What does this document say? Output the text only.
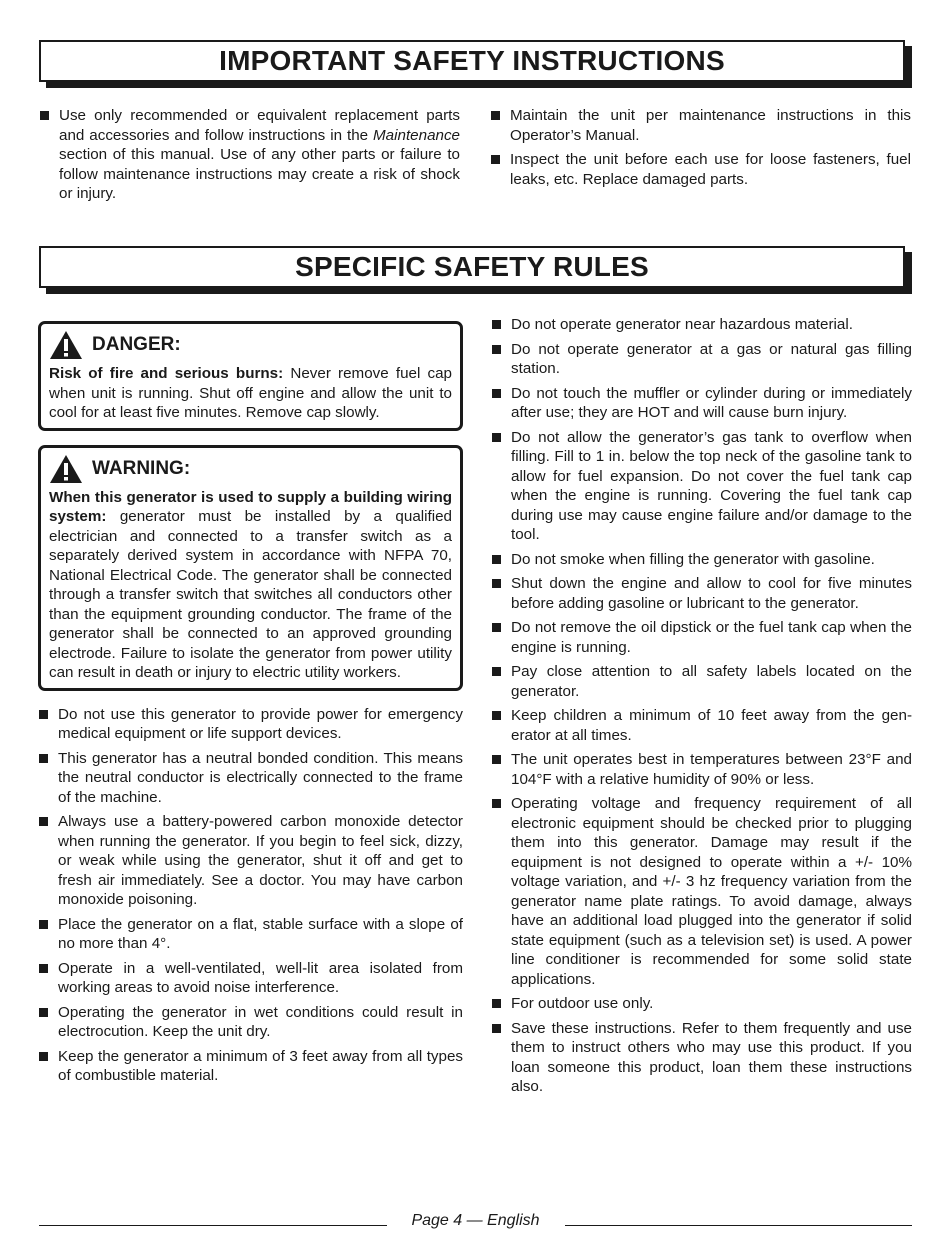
IMPORTANT SAFETY INSTRUCTIONS
Use only recommended or equivalent replacement parts and accessories and follow instructions in the Maintenance section of this manual. Use of any other parts or failure to follow maintenance instructions may create a risk of shock or injury.
Maintain the unit per maintenance instructions in this Operator’s Manual.
Inspect the unit before each use for loose fasteners, fuel leaks, etc. Replace damaged parts.
SPECIFIC SAFETY RULES
DANGER:

Risk of fire and serious burns: Never remove fuel cap when unit is running. Shut off engine and allow the unit to cool for at least five minutes. Remove cap slowly.

WARNING:

When this generator is used to supply a building wiring system: generator must be installed by a qualified electrician and connected to a transfer switch as a separately derived system in accordance with NFPA 70, National Electrical Code. The generator shall be connected through a transfer switch that switches all conductors other than the equipment grounding conductor. The frame of the generator shall be connected to an approved grounding electrode. Failure to isolate the generator from power utility can result in death or injury to electric utility workers.

Do not use this generator to provide power for emergency medical equipment or life support devices.
This generator has a neutral bonded condition. This means the neutral conductor is electrically connected to the frame of the machine.
Always use a battery-powered carbon monoxide detector when running the generator. If you begin to feel sick, dizzy, or weak while using the generator, shut it off and get to fresh air immediately. See a doctor. You may have carbon monoxide poisoning.
Place the generator on a flat, stable surface with a slope of no more than 4°.
Operate in a well-ventilated, well-lit area isolated from working areas to avoid noise interference.
Operating the generator in wet conditions could result in electrocution. Keep the unit dry.
Keep the generator a minimum of 3 feet away from all types of combustible material.
Do not operate generator near hazardous material.
Do not operate generator at a gas or natural gas filling station.
Do not touch the muffler or cylinder during or immediately after use; they are HOT and will cause burn injury.
Do not allow the generator’s gas tank to overflow when filling. Fill to 1 in. below the top neck of the gasoline tank to allow for fuel expansion. Do not cover the fuel tank cap when the engine is running. Covering the fuel tank cap during use may cause engine failure and/or damage to the tool.
Do not smoke when filling the generator with gasoline.
Shut down the engine and allow to cool for five minutes before adding gasoline or lubricant to the generator.
Do not remove the oil dipstick or the fuel tank cap when the engine is running.
Pay close attention to all safety labels located on the generator.
Keep children a minimum of 10 feet away from the generator at all times.
The unit operates best in temperatures between 23°F and 104°F with a relative humidity of 90% or less.
Operating voltage and frequency requirement of all electronic equipment should be checked prior to plugging them into this generator. Damage may result if the equipment is not designed to operate within a +/- 10% voltage variation, and +/- 3 hz frequency variation from the generator name plate ratings. To avoid damage, always have an additional load plugged into the generator if solid state equipment (such as a television set) is used. A power line conditioner is recommended for some solid state applications.
For outdoor use only.
Save these instructions. Refer to them frequently and use them to instruct others who may use this product. If you loan someone this product, loan them these instructions also.
Page 4 — English
